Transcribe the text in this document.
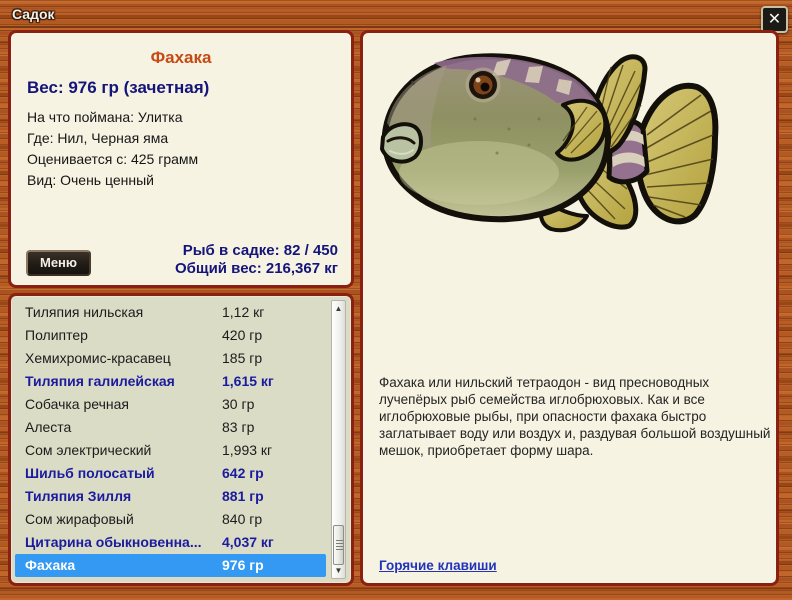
Садок	✕
Фахака
Вес: 976 гр (зачетная)
На что поймана: Улитка
Где: Нил, Черная яма
Оценивается с: 425 грамм
Вид: Очень ценный
Меню
Рыб в садке: 82 / 450
Общий вес: 216,367 кг
Тиляпия нильская	1,12 кг
Полиптер	420 гр
Хемихромис-красавец	185 гр
Тиляпия галилейская	1,615 кг
Собачка речная	30 гр
Алеста	83 гр
Сом электрический	1,993 кг
Шильб полосатый	642 гр
Тиляпия Зилля	881 гр
Сом жирафовый	840 гр
Цитарина обыкновенна... 4,037 кг
Фахака	976 гр
▲
▼
Фахака или нильский тетраодон - вид пресноводных лучепёрых рыб семейства иглобрюховых. Как и все иглобрюховые рыбы, при опасности фахака быстро заглатывает воду или воздух и, раздувая большой воздушный мешок, приобретает форму шара.
Горячие клавиши
